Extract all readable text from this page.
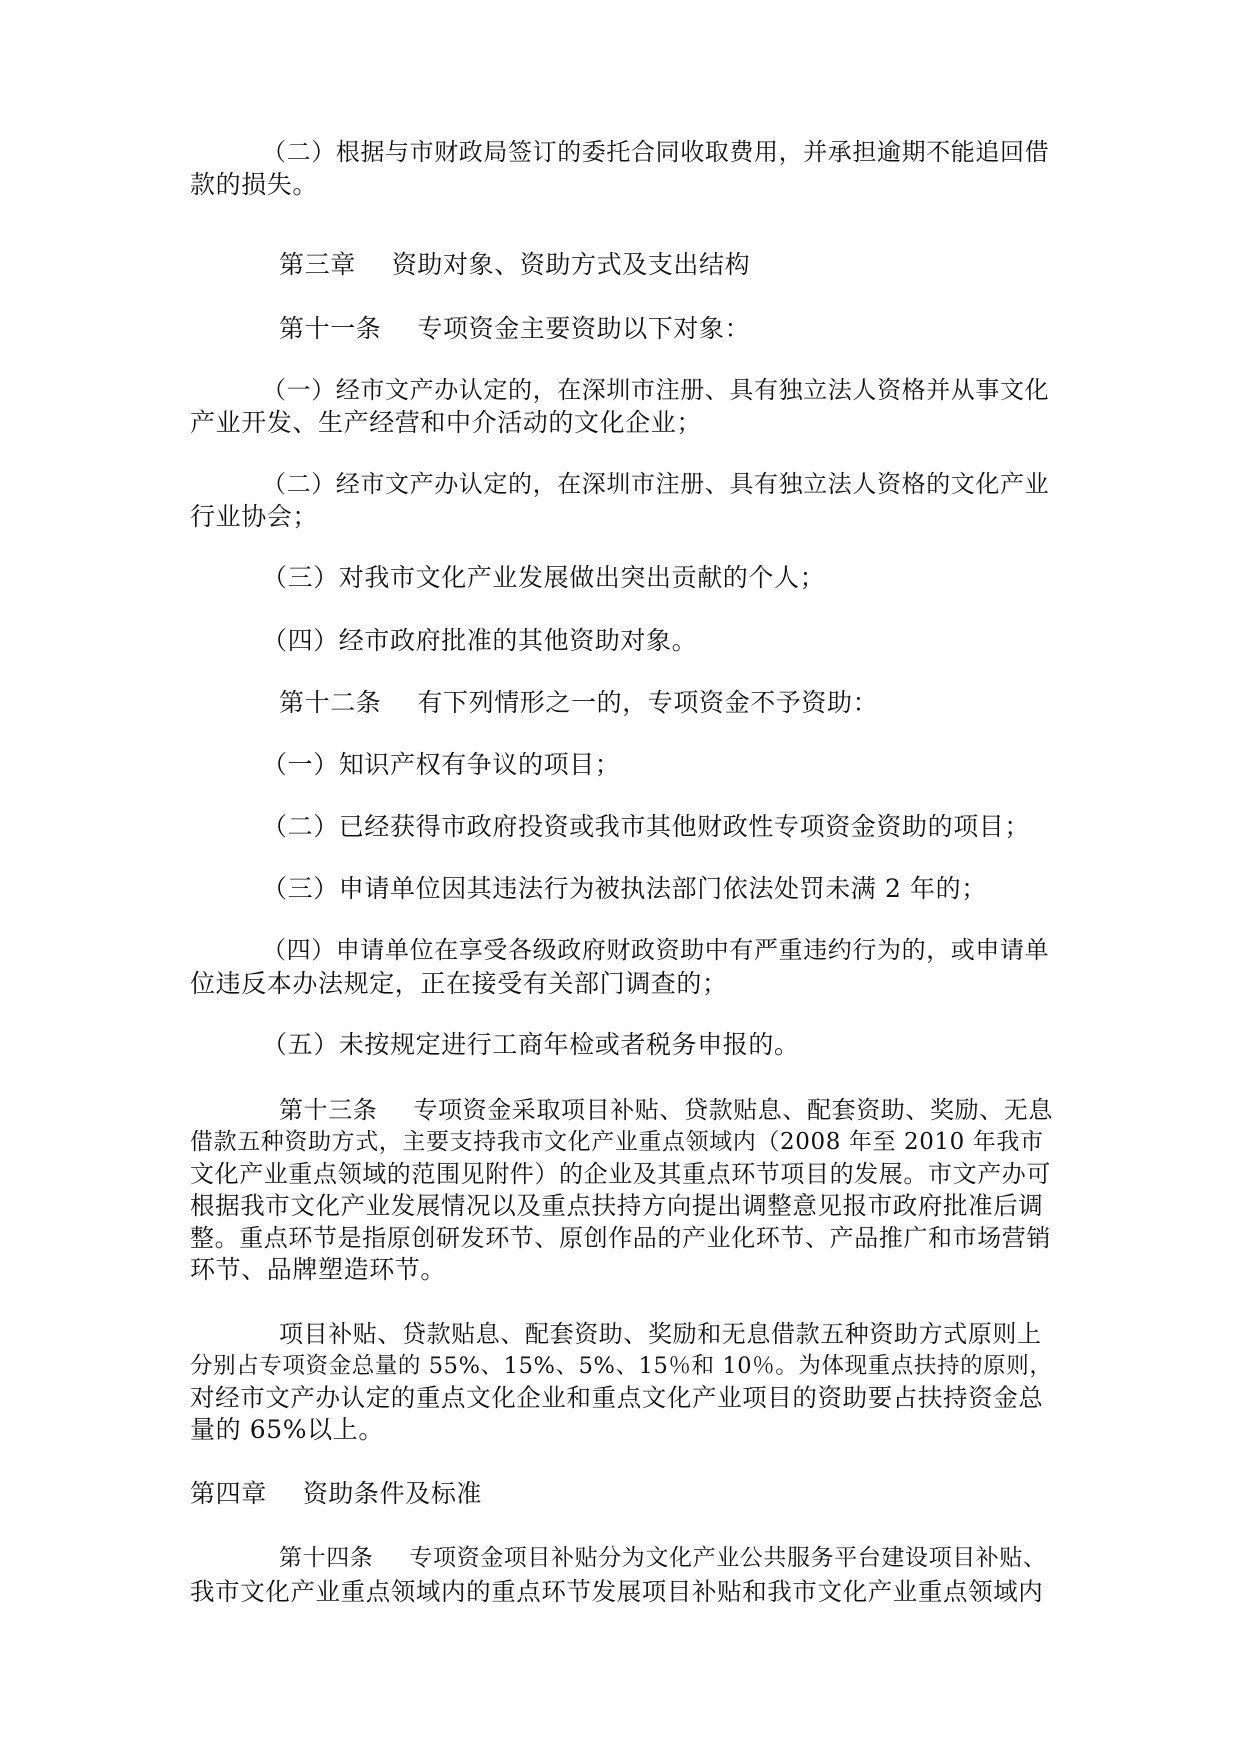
（二）根据与市财政局签订的委托合同收取费用，并承担逾期不能追回借
款的损失。
第三章 资助对象、资助方式及支出结构
第十一条 专项资金主要资助以下对象：
（一）经市文产办认定的，在深圳市注册、具有独立法人资格并从事文化
产业开发、生产经营和中介活动的文化企业；
（二）经市文产办认定的，在深圳市注册、具有独立法人资格的文化产业
行业协会；
（三）对我市文化产业发展做出突出贡献的个人；
（四）经市政府批准的其他资助对象。
第十二条 有下列情形之一的，专项资金不予资助：
（一）知识产权有争议的项目；
（二）已经获得市政府投资或我市其他财政性专项资金资助的项目；
（三）申请单位因其违法行为被执法部门依法处罚未满 2 年的；
（四）申请单位在享受各级政府财政资助中有严重违约行为的，或申请单
位违反本办法规定，正在接受有关部门调查的；
（五）未按规定进行工商年检或者税务申报的。
第十三条 专项资金采取项目补贴、贷款贴息、配套资助、奖励、无息
借款五种资助方式，主要支持我市文化产业重点领域内（2008 年至 2010 年我市
文化产业重点领域的范围见附件）的企业及其重点环节项目的发展。市文产办可
根据我市文化产业发展情况以及重点扶持方向提出调整意见报市政府批准后调
整。重点环节是指原创研发环节、原创作品的产业化环节、产品推广和市场营销
环节、品牌塑造环节。
项目补贴、贷款贴息、配套资助、奖励和无息借款五种资助方式原则上
分别占专项资金总量的 55%、15%、5%、15％和 10％。为体现重点扶持的原则，
对经市文产办认定的重点文化企业和重点文化产业项目的资助要占扶持资金总
量的 65%以上。
第四章 资助条件及标准
第十四条 专项资金项目补贴分为文化产业公共服务平台建设项目补贴、
我市文化产业重点领域内的重点环节发展项目补贴和我市文化产业重点领域内
